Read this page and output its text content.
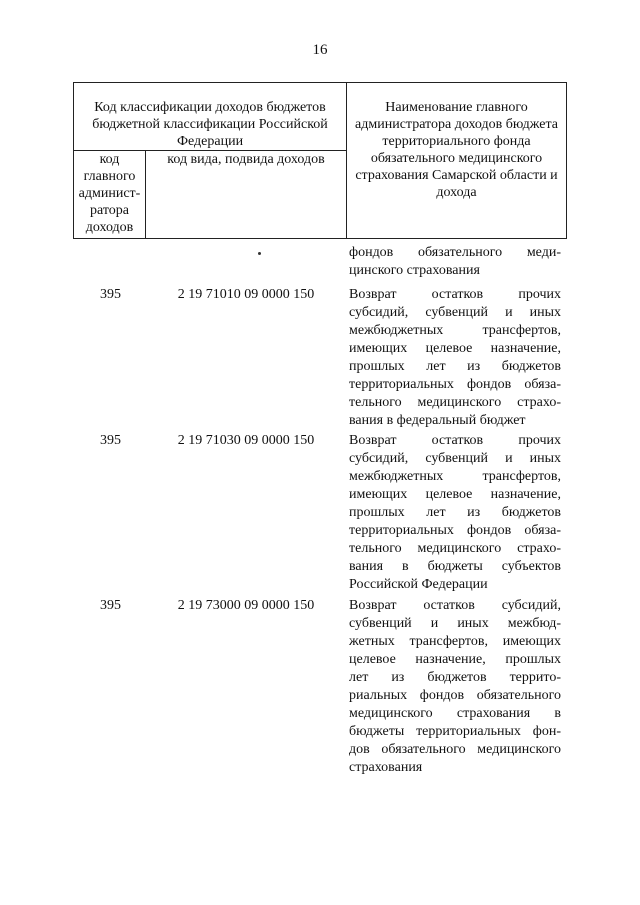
16
Код классификации доходов бюджетов бюджетной классификации Российской Федерации		Наименование главного администратора доходов бюджета территориального фонда обязательного медицинского страхования Самарской области и дохода
код главного админист-ратора доходов	код вида, подвида доходов	
фондов обязательного меди-
цинского страхования
395	2 19 71010 09 0000 150	Возврат остатков прочих
субсидий, субвенций и иных
межбюджетных трансфертов,
имеющих целевое назначение,
прошлых лет из бюджетов
территориальных фондов обяза-
тельного медицинского страхо-
вания в федеральный бюджет
395	2 19 71030 09 0000 150	Возврат остатков прочих
субсидий, субвенций и иных
межбюджетных трансфертов,
имеющих целевое назначение,
прошлых лет из бюджетов
территориальных фондов обяза-
тельного медицинского страхо-
вания в бюджеты субъектов
Российской Федерации
395	2 19 73000 09 0000 150	Возврат остатков субсидий,
субвенций и иных межбюд-
жетных трансфертов, имеющих
целевое назначение, прошлых
лет из бюджетов террито-
риальных фондов обязательного
медицинского страхования в
бюджеты территориальных фон-
дов обязательного медицинского
страхования
